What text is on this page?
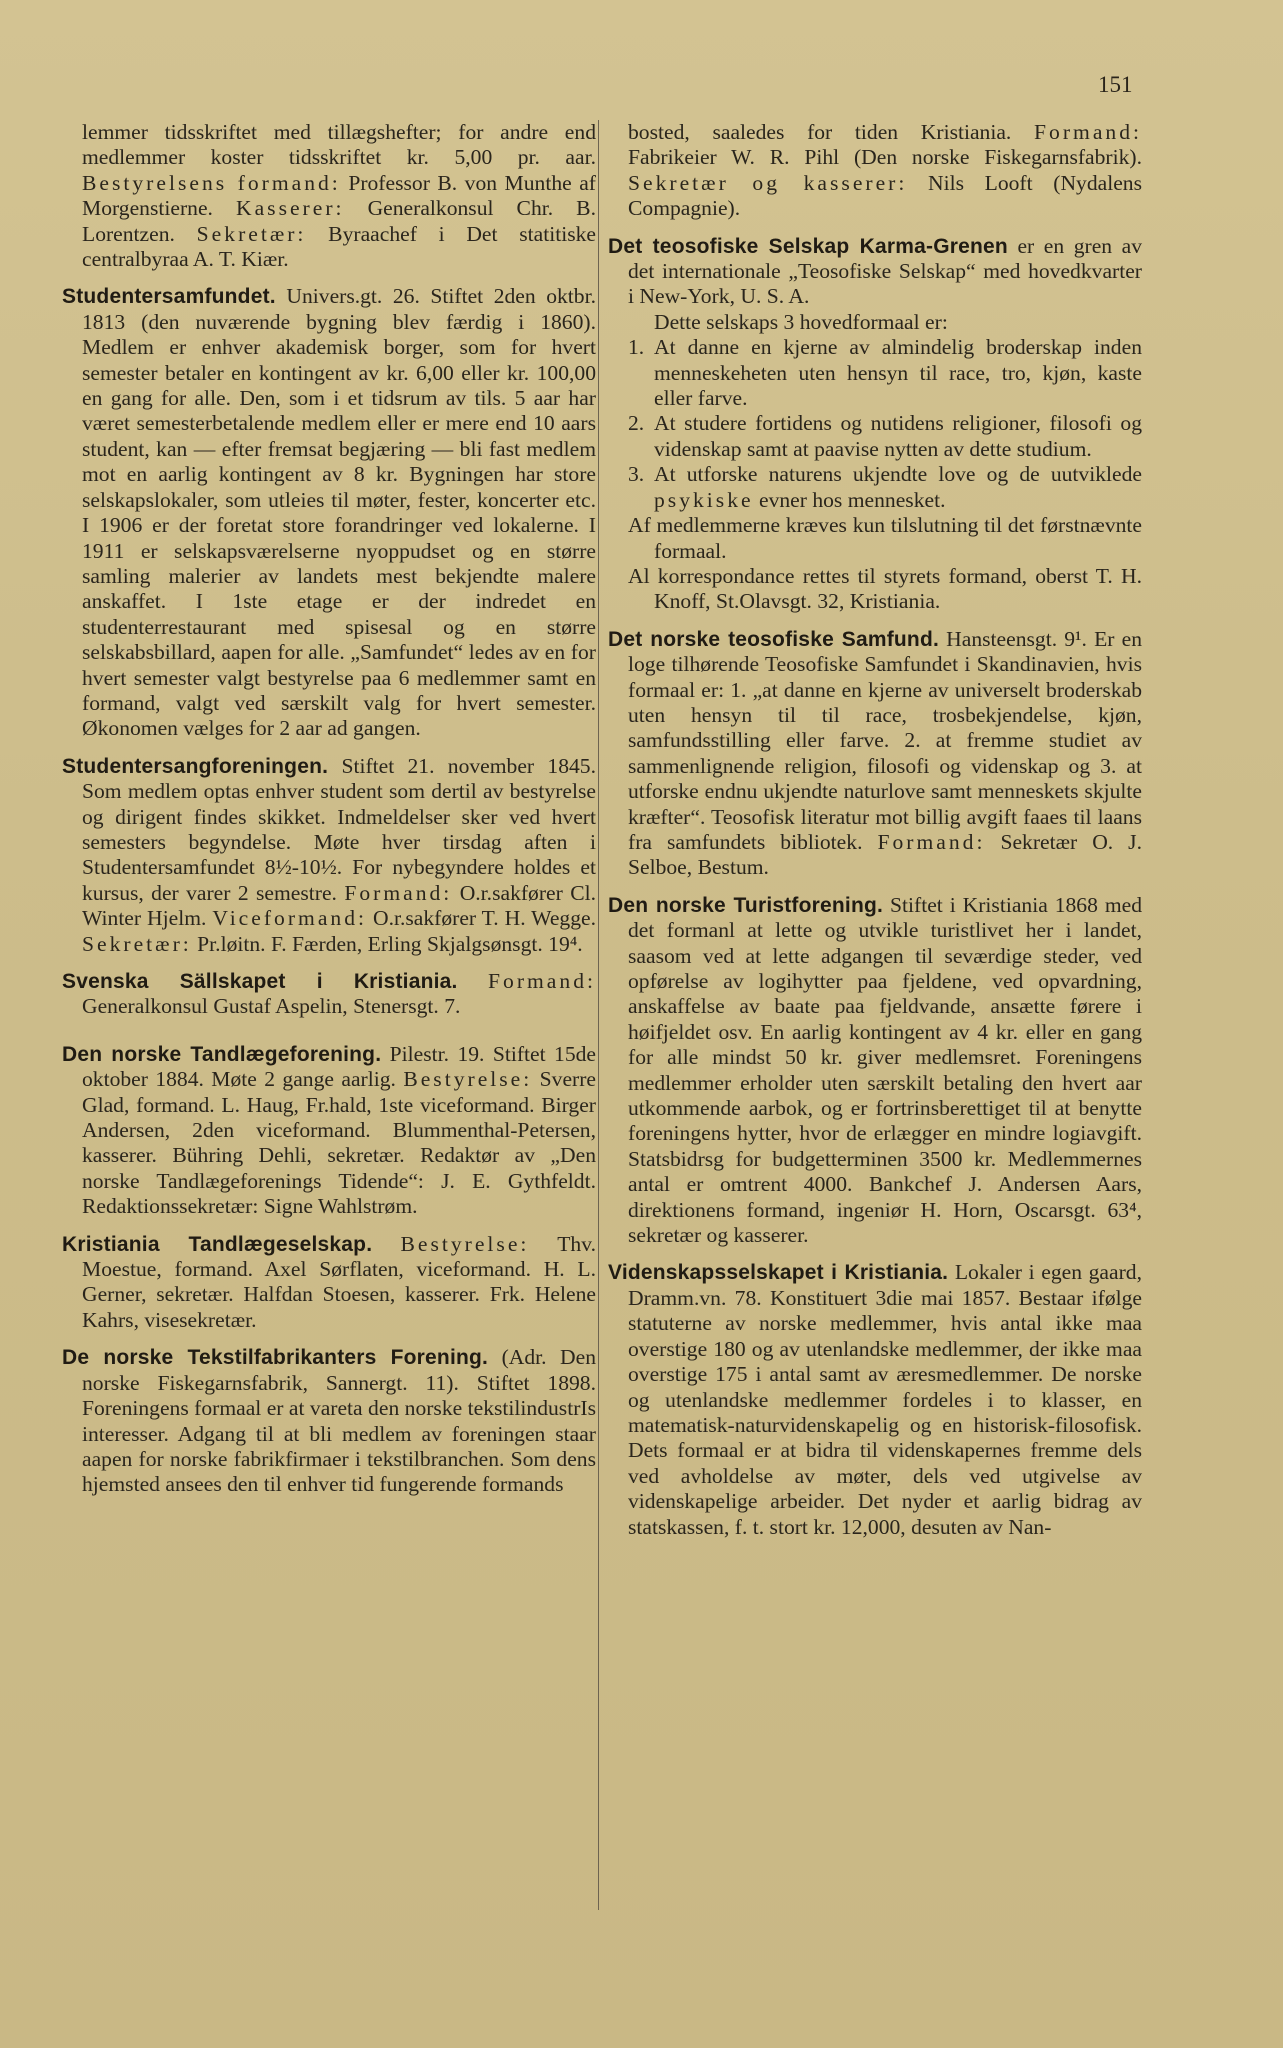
151

lemmer tidsskriftet med tillægshefter; for andre end medlemmer koster tidsskriftet kr. 5,00 pr. aar. Bestyrelsens formand: Professor B. von Munthe af Morgenstierne. Kasserer: Generalkonsul Chr. B. Lorentzen. Sekretær: Byraachef i Det statitiske centralbyraa A. T. Kiær.

Studentersamfundet. Univers.gt. 26. Stiftet 2den oktbr. 1813 (den nuværende bygning blev færdig i 1860). Medlem er enhver akademisk borger, som for hvert semester betaler en kontingent av kr. 6,00 eller kr. 100,00 en gang for alle. Den, som i et tidsrum av tils. 5 aar har været semesterbetalende medlem eller er mere end 10 aars student, kan — efter fremsat begjæring — bli fast medlem mot en aarlig kontingent av 8 kr. Bygningen har store selskapslokaler, som utleies til møter, fester, koncerter etc. I 1906 er der foretat store forandringer ved lokalerne. I 1911 er selskapsværelserne nyoppudset og en større samling malerier av landets mest bekjendte malere anskaffet. I 1ste etage er der indredet en studenterrestaurant med spisesal og en større selskabsbillard, aapen for alle. „Samfundet“ ledes av en for hvert semester valgt bestyrelse paa 6 medlemmer samt en formand, valgt ved særskilt valg for hvert semester. Økonomen vælges for 2 aar ad gangen.

Studentersangforeningen. Stiftet 21. november 1845. Som medlem optas enhver student som dertil av bestyrelse og dirigent findes skikket. Indmeldelser sker ved hvert semesters begyndelse. Møte hver tirsdag aften i Studentersamfundet 8½-10½. For nybegyndere holdes et kursus, der varer 2 semestre. Formand: O.r.sakfører Cl. Winter Hjelm. Viceformand: O.r.sakfører T. H. Wegge. Sekretær: Pr.løitn. F. Færden, Erling Skjalgsønsgt. 19⁴.

Svenska Sällskapet i Kristiania. Formand: Generalkonsul Gustaf Aspelin, Stenersgt. 7.

Den norske Tandlægeforening. Pilestr. 19. Stiftet 15de oktober 1884. Møte 2 gange aarlig. Bestyrelse: Sverre Glad, formand. L. Haug, Fr.hald, 1ste viceformand. Birger Andersen, 2den viceformand. Blummenthal-Petersen, kasserer. Bühring Dehli, sekretær. Redaktør av „Den norske Tandlægeforenings Tidende“: J. E. Gythfeldt. Redaktionssekretær: Signe Wahlstrøm.

Kristiania Tandlægeselskap. Bestyrelse: Thv. Moestue, formand. Axel Sørflaten, viceformand. H. L. Gerner, sekretær. Halfdan Stoesen, kasserer. Frk. Helene Kahrs, visesekretær.

De norske Tekstilfabrikanters Forening. (Adr. Den norske Fiskegarnsfabrik, Sannergt. 11). Stiftet 1898. Foreningens formaal er at vareta den norske tekstilindustrIs interesser. Adgang til at bli medlem av foreningen staar aapen for norske fabrikfirmaer i tekstilbranchen. Som dens hjemsted ansees den til enhver tid fungerende formands

bosted, saaledes for tiden Kristiania. Formand: Fabrikeier W. R. Pihl (Den norske Fiskegarnsfabrik). Sekretær og kasserer: Nils Looft (Nydalens Compagnie).

Det teosofiske Selskap Karma-Grenen er en gren av det internationale „Teosofiske Selskap“ med hovedkvarter i New-York, U. S. A.

Dette selskaps 3 hovedformaal er:

1. At danne en kjerne av almindelig broderskap inden menneskeheten uten hensyn til race, tro, kjøn, kaste eller farve.
2. At studere fortidens og nutidens religioner, filosofi og videnskap samt at paavise nytten av dette studium.
3. At utforske naturens ukjendte love og de uutviklede psykiske evner hos mennesket.

Af medlemmerne kræves kun tilslutning til det førstnævnte formaal.

Al korrespondance rettes til styrets formand, oberst T. H. Knoff, St.Olavsgt. 32, Kristiania.

Det norske teosofiske Samfund. Hansteensgt. 9¹. Er en loge tilhørende Teosofiske Samfundet i Skandinavien, hvis formaal er: 1. „at danne en kjerne av universelt broderskab uten hensyn til til race, trosbekjendelse, kjøn, samfundsstilling eller farve. 2. at fremme studiet av sammenlignende religion, filosofi og videnskap og 3. at utforske endnu ukjendte naturlove samt menneskets skjulte kræfter“. Teosofisk literatur mot billig avgift faaes til laans fra samfundets bibliotek. Formand: Sekretær O. J. Selboe, Bestum.

Den norske Turistforening. Stiftet i Kristiania 1868 med det formanl at lette og utvikle turistlivet her i landet, saasom ved at lette adgangen til seværdige steder, ved opførelse av logihytter paa fjeldene, ved opvardning, anskaffelse av baate paa fjeldvande, ansætte førere i høifjeldet osv. En aarlig kontingent av 4 kr. eller en gang for alle mindst 50 kr. giver medlemsret. Foreningens medlemmer erholder uten særskilt betaling den hvert aar utkommende aarbok, og er fortrinsberettiget til at benytte foreningens hytter, hvor de erlægger en mindre logiavgift. Statsbidrsg for budgetterminen 3500 kr. Medlemmernes antal er omtrent 4000. Bankchef J. Andersen Aars, direktionens formand, ingeniør H. Horn, Oscarsgt. 63⁴, sekretær og kasserer.

Videnskapsselskapet i Kristiania. Lokaler i egen gaard, Dramm.vn. 78. Konstituert 3die mai 1857. Bestaar ifølge statuterne av norske medlemmer, hvis antal ikke maa overstige 180 og av utenlandske medlemmer, der ikke maa overstige 175 i antal samt av æresmedlemmer. De norske og utenlandske medlemmer fordeles i to klasser, en matematisk-naturvidenskapelig og en historisk-filosofisk. Dets formaal er at bidra til videnskapernes fremme dels ved avholdelse av møter, dels ved utgivelse av videnskapelige arbeider. Det nyder et aarlig bidrag av statskassen, f. t. stort kr. 12,000, desuten av Nan-
